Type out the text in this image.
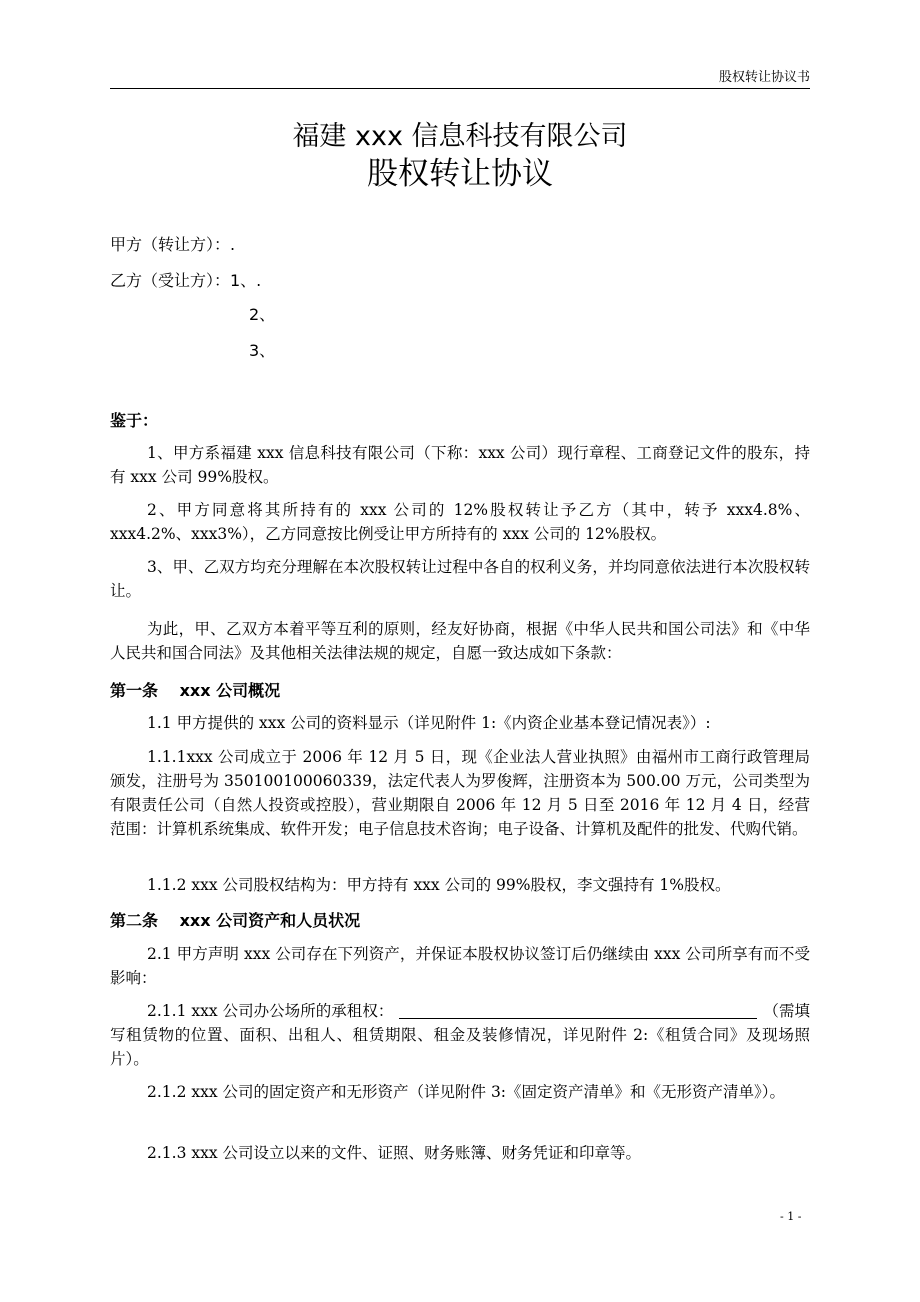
股权转让协议书
福建 xxx 信息科技有限公司
股权转让协议
甲方（转让方）：.
乙方（受让方）：1、.
2、
3、
鉴于：
1、甲方系福建 xxx 信息科技有限公司（下称：xxx 公司）现行章程、工商登记文件的股东，持有 xxx 公司 99%股权。
2、甲方同意将其所持有的 xxx 公司的 12%股权转让予乙方（其中，转予 xxx4.8%、xxx4.2%、xxx3%），乙方同意按比例受让甲方所持有的 xxx 公司的 12%股权。
3、甲、乙双方均充分理解在本次股权转让过程中各自的权利义务，并均同意依法进行本次股权转让。
为此，甲、乙双方本着平等互利的原则，经友好协商，根据《中华人民共和国公司法》和《中华人民共和国合同法》及其他相关法律法规的规定，自愿一致达成如下条款：
第一条　 xxx 公司概况
1.1 甲方提供的 xxx 公司的资料显示（详见附件 1:《内资企业基本登记情况表》）:
1.1.1xxx 公司成立于 2006 年 12 月 5 日，现《企业法人营业执照》由福州市工商行政管理局颁发，注册号为 350100100060339，法定代表人为罗俊辉，注册资本为 500.00 万元，公司类型为有限责任公司（自然人投资或控股），营业期限自 2006 年 12 月 5 日至 2016 年 12 月 4 日，经营范围：计算机系统集成、软件开发；电子信息技术咨询；电子设备、计算机及配件的批发、代购代销。
1.1.2 xxx 公司股权结构为：甲方持有 xxx 公司的 99%股权，李文强持有 1%股权。
第二条　 xxx 公司资产和人员状况
2.1 甲方声明 xxx 公司存在下列资产，并保证本股权协议签订后仍继续由 xxx 公司所享有而不受影响：
2.1.1 xxx 公司办公场所的承租权：	（需填写租赁物的位置、面积、出租人、租赁期限、租金及装修情况，详见附件 2:《租赁合同》及现场照片）。
2.1.2 xxx 公司的固定资产和无形资产（详见附件 3:《固定资产清单》和《无形资产清单》）。
2.1.3 xxx 公司设立以来的文件、证照、财务账簿、财务凭证和印章等。
- 1 -
